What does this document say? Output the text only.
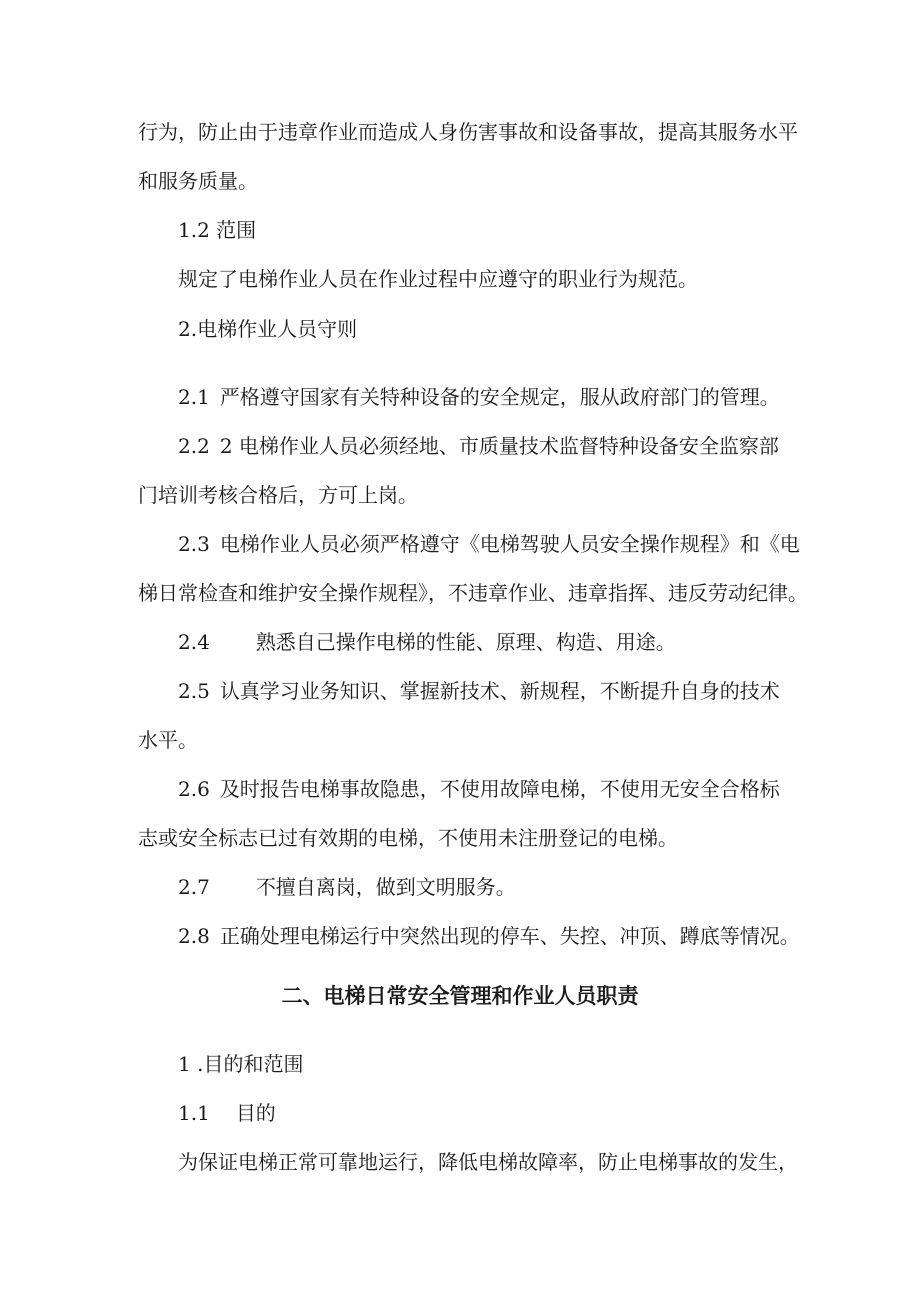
行为，防止由于违章作业而造成人身伤害事故和设备事故，提高其服务水平

和服务质量。

1.2 范围

规定了电梯作业人员在作业过程中应遵守的职业行为规范。

2.电梯作业人员守则

2.1 严格遵守国家有关特种设备的安全规定，服从政府部门的管理。

2.2 2 电梯作业人员必须经地、市质量技术监督特种设备安全监察部

门培训考核合格后，方可上岗。

2.3 电梯作业人员必须严格遵守《电梯驾驶人员安全操作规程》和《电

梯日常检查和维护安全操作规程》，不违章作业、违章指挥、违反劳动纪律。

2.4 熟悉自己操作电梯的性能、原理、构造、用途。

2.5 认真学习业务知识、掌握新技术、新规程，不断提升自身的技术

水平。

2.6 及时报告电梯事故隐患，不使用故障电梯，不使用无安全合格标

志或安全标志已过有效期的电梯，不使用未注册登记的电梯。

2.7 不擅自离岗，做到文明服务。

2.8 正确处理电梯运行中突然出现的停车、失控、冲顶、蹲底等情况。

二、电梯日常安全管理和作业人员职责

1 .目的和范围

1.1 目的

为保证电梯正常可靠地运行，降低电梯故障率，防止电梯事故的发生，
